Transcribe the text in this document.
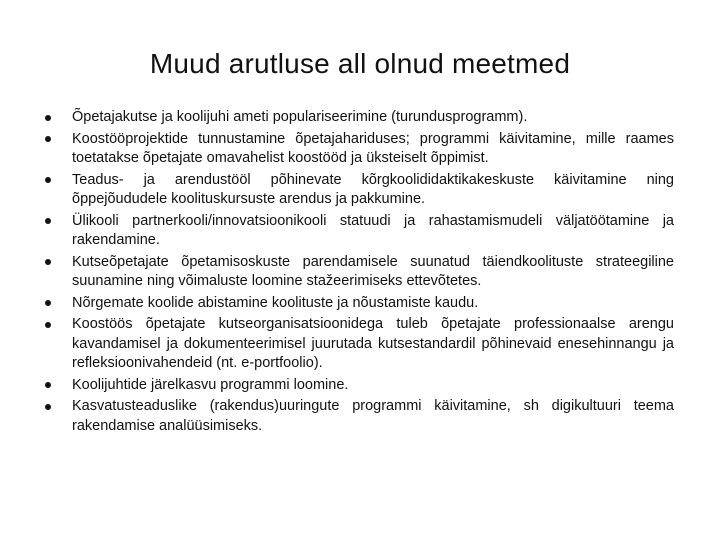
Muud arutluse all olnud meetmed
Õpetajakutse ja koolijuhi ameti populariseerimine (turundusprogramm).
Koostööprojektide tunnustamine õpetajahariduses; programmi käivitamine, mille raames toetatakse õpetajate omavahelist koostööd ja üksteiselt õppimist.
Teadus- ja arendustööl põhinevate kõrgkoolididaktikakeskuste käivitamine ning õppejõududele koolituskursuste arendus ja pakkumine.
Ülikooli partnerkooli/innovatsioonikooli statuudi ja rahastamismudeli väljatöötamine ja rakendamine.
Kutseõpetajate õpetamisoskuste parendamisele suunatud täiendkoolituste strateegiline suunamine ning võimaluste loomine stažeerimiseks ettevõtetes.
Nõrgemate koolide abistamine koolituste ja nõustamiste kaudu.
Koostöös õpetajate kutseorganisatsioonidega tuleb õpetajate professionaalse arengu kavandamisel ja dokumenteerimisel juurutada kutsestandardil põhinevaid enesehinnangu ja refleksioonivahendeid (nt. e-portfoolio).
Koolijuhtide järelkasvu programmi loomine.
Kasvatusteaduslike (rakendus)uuringute programmi käivitamine, sh digikultuuri teema rakendamise analüüsimiseks.
